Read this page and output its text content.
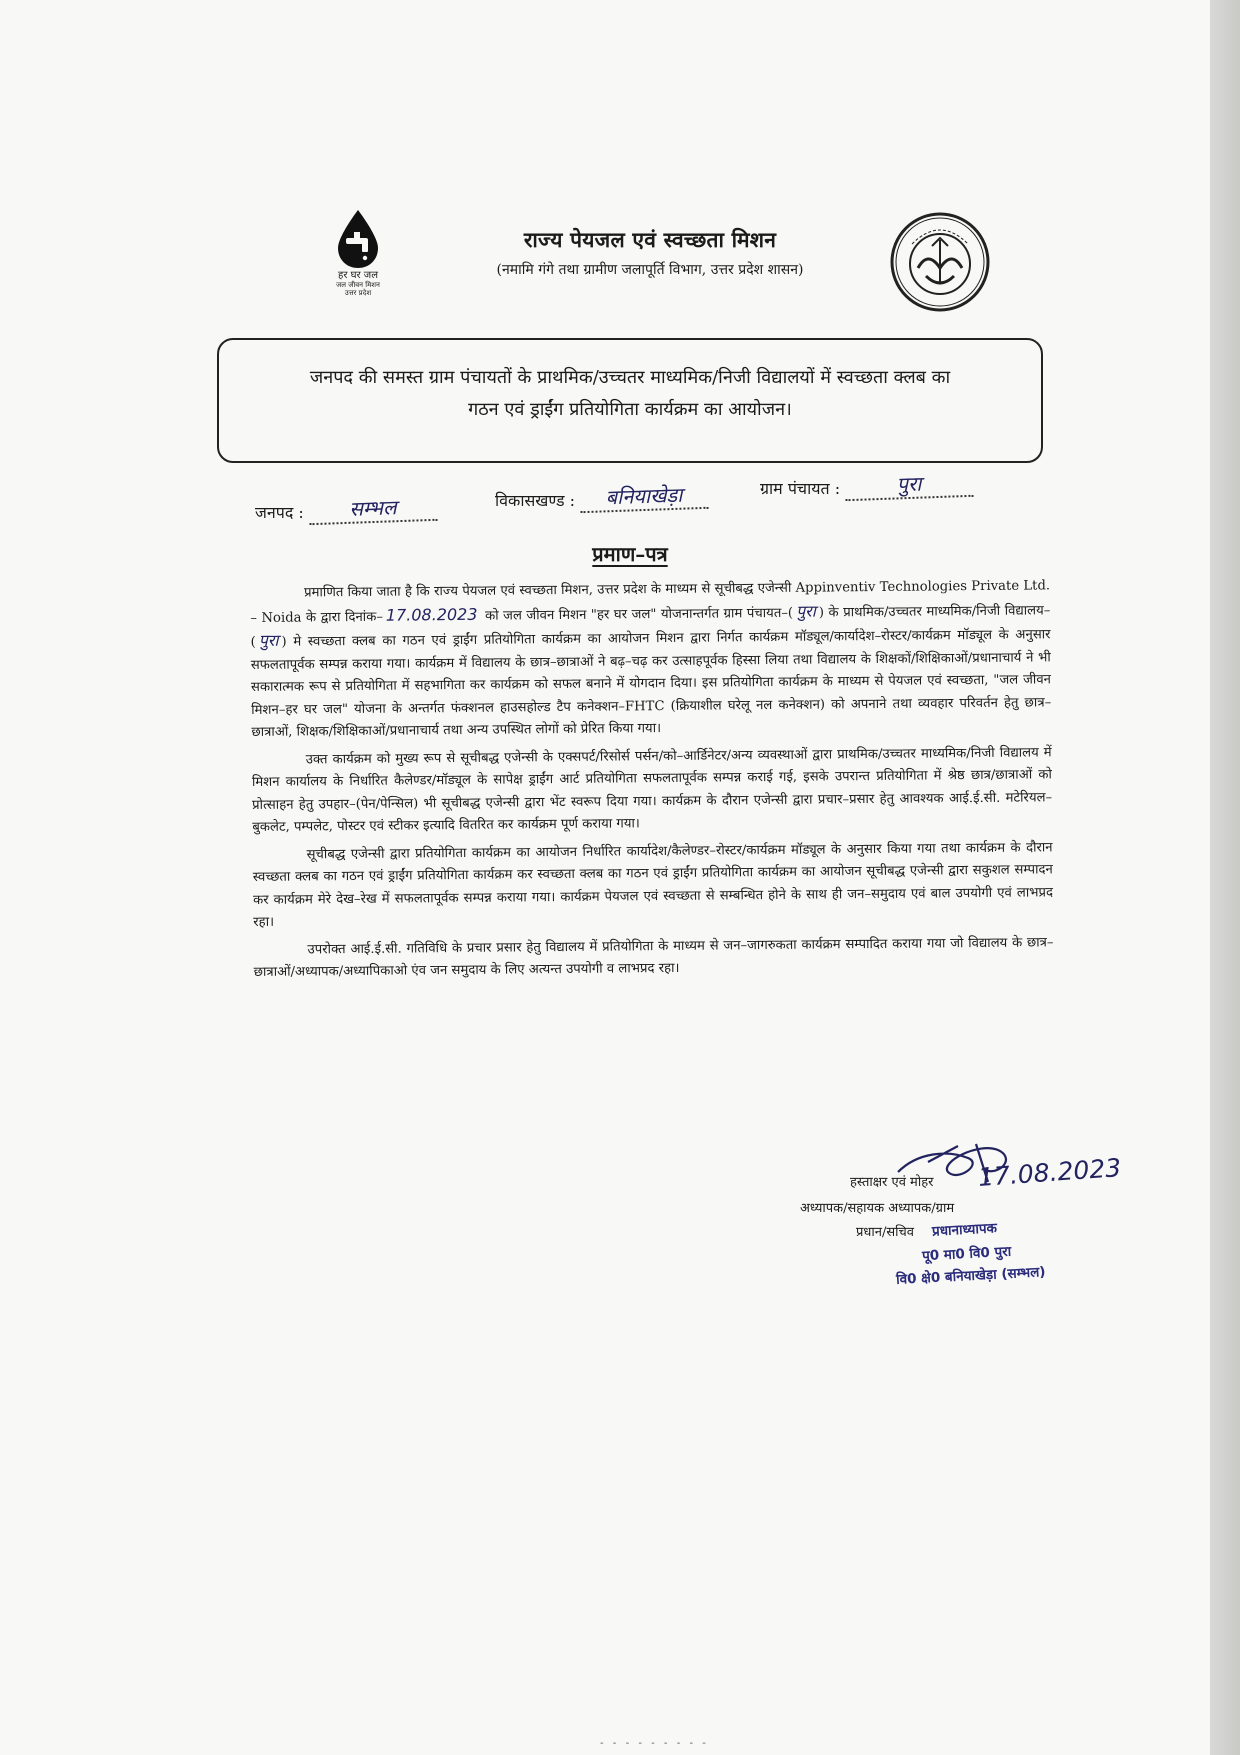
हर घर जल
जल जीवन मिशन
उत्तर प्रदेश
राज्य पेयजल एवं स्वच्छता मिशन
(नमामि गंगे तथा ग्रामीण जलापूर्ति विभाग, उत्तर प्रदेश शासन)
जनपद की समस्त ग्राम पंचायतों के प्राथमिक/उच्चतर माध्यमिक/निजी विद्यालयों में स्वच्छता क्लब का
गठन एवं ड्राईंग प्रतियोगिता कार्यक्रम का आयोजन।
जनपद : सम्भल	विकासखण्ड : बनियाखेड़ा	ग्राम पंचायत :	पुरा
प्रमाण–पत्र

प्रमाणित किया जाता है कि राज्य पेयजल एवं स्वच्छता मिशन, उत्तर प्रदेश के माध्यम से सूचीबद्ध एजेन्सी Appinventiv Technologies Private Ltd. – Noida के द्वारा दिनांक– 17.08.2023 को जल जीवन मिशन "हर घर जल" योजनान्तर्गत ग्राम पंचायत–( पुरा ) के प्राथमिक/उच्चतर माध्यमिक/निजी विद्यालय–( पुरा ) मे स्वच्छता क्लब का गठन एवं ड्राईंग प्रतियोगिता कार्यक्रम का आयोजन मिशन द्वारा निर्गत कार्यक्रम मॉड्यूल/कार्यादेश–रोस्टर/कार्यक्रम मॉड्यूल के अनुसार सफलतापूर्वक सम्पन्न कराया गया। कार्यक्रम में विद्यालय के छात्र–छात्राओं ने बढ़–चढ़ कर उत्साहपूर्वक हिस्सा लिया तथा विद्यालय के शिक्षकों/शिक्षिकाओं/प्रधानाचार्य ने भी सकारात्मक रूप से प्रतियोगिता में सहभागिता कर कार्यक्रम को सफल बनाने में योगदान दिया। इस प्रतियोगिता कार्यक्रम के माध्यम से पेयजल एवं स्वच्छता, "जल जीवन मिशन–हर घर जल" योजना के अन्तर्गत फंक्शनल हाउसहोल्ड टैप कनेक्शन–FHTC (क्रियाशील घरेलू नल कनेक्शन) को अपनाने तथा व्यवहार परिवर्तन हेतु छात्र–छात्राओं, शिक्षक/शिक्षिकाओं/प्रधानाचार्य तथा अन्य उपस्थित लोगों को प्रेरित किया गया।

उक्त कार्यक्रम को मुख्य रूप से सूचीबद्ध एजेन्सी के एक्सपर्ट/रिसोर्स पर्सन/को–आर्डिनेटर/अन्य व्यवस्थाओं द्वारा प्राथमिक/उच्चतर माध्यमिक/निजी विद्यालय में मिशन कार्यालय के निर्धारित कैलेण्डर/मॉड्यूल के सापेक्ष ड्राईंग आर्ट प्रतियोगिता सफलतापूर्वक सम्पन्न कराई गई, इसके उपरान्त प्रतियोगिता में श्रेष्ठ छात्र/छात्राओं को प्रोत्साहन हेतु उपहार–(पेन/पेन्सिल) भी सूचीबद्ध एजेन्सी द्वारा भेंट स्वरूप दिया गया। कार्यक्रम के दौरान एजेन्सी द्वारा प्रचार–प्रसार हेतु आवश्यक आई.ई.सी. मटेरियल–बुकलेट, पम्पलेट, पोस्टर एवं स्टीकर इत्यादि वितरित कर कार्यक्रम पूर्ण कराया गया।

सूचीबद्ध एजेन्सी द्वारा प्रतियोगिता कार्यक्रम का आयोजन निर्धारित कार्यादेश/कैलेण्डर–रोस्टर/कार्यक्रम मॉड्यूल के अनुसार किया गया तथा कार्यक्रम के दौरान स्वच्छता क्लब का गठन एवं ड्राईंग प्रतियोगिता कार्यक्रम कर स्वच्छता क्लब का गठन एवं ड्राईंग प्रतियोगिता कार्यक्रम का आयोजन सूचीबद्ध एजेन्सी द्वारा सकुशल सम्पादन कर कार्यक्रम मेरे देख–रेख में सफलतापूर्वक सम्पन्न कराया गया। कार्यक्रम पेयजल एवं स्वच्छता से सम्बन्धित होने के साथ ही जन–समुदाय एवं बाल उपयोगी एवं लाभप्रद रहा।

उपरोक्त आई.ई.सी. गतिविधि के प्रचार प्रसार हेतु विद्यालय में प्रतियोगिता के माध्यम से जन–जागरुकता कार्यक्रम सम्पादित कराया गया जो विद्यालय के छात्र–छात्राओं/अध्यापक/अध्यापिकाओ एंव जन समुदाय के लिए अत्यन्त उपयोगी व लाभप्रद रहा।

हस्ताक्षर एवं मोहर 17.08.2023
अध्यापक/सहायक अध्यापक/ग्राम
प्रधान/सचिव प्रधानाध्यापक
पू0 मा0 वि0 पुरा
वि0 क्षे0 बनियाखेड़ा (सम्भल)
‑ ‑ ‑ ‑ ‑ ‑ ‑ ‑ ‑
